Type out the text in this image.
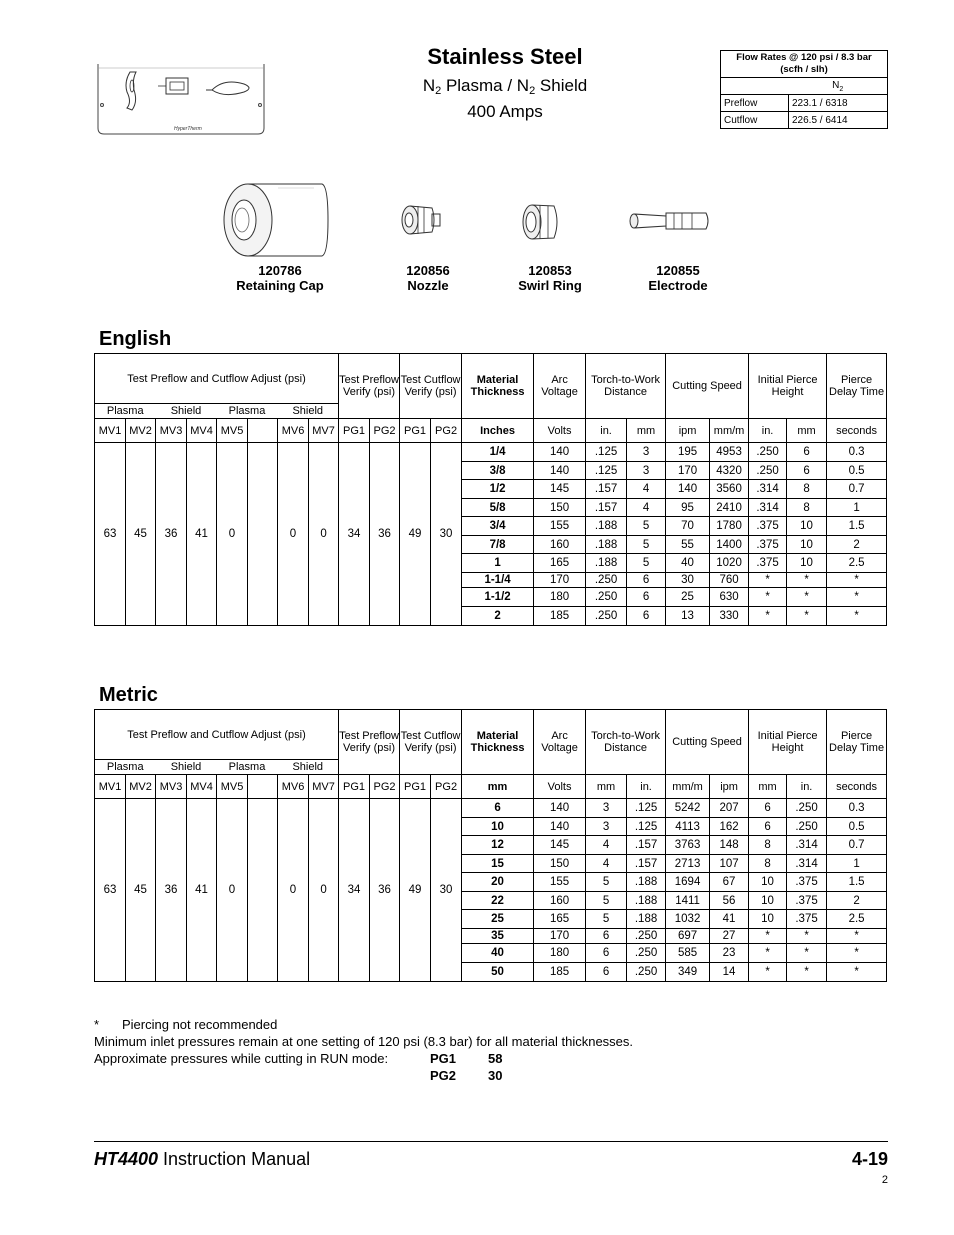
HyperTherm
Stainless Steel
$N_2$ Plasma / $N_2$ Shield
400 Amps
Flow Rates @ 120 psi / 8.3 bar (scfh / slh)	
	$N_2$
Preflow	223.1 / 6318
Cutflow	226.5 / 6414
120786
Retaining Cap
120856
Nozzle
120853
Swirl Ring
120855
Electrode
English
Test Preflow and Cutflow Adjust (psi)								Test Preflow Verify (psi)		Test Cutflow Verify (psi)		Material Thickness	Arc Voltage	Torch-to-Work Distance		Cutting Speed		Initial Pierce Height		Pierce Delay Time
Plasma		Shield		Plasma		Shield														
MV1	MV2	MV3	MV4	MV5		MV6	MV7	PG1	PG2	PG1	PG2	Inches	Volts	in.	mm	ipm	mm/m	in.	mm	seconds
63	45	36	41	0		0	0	34	36	49	30	1/4	140	.125	3	195	4953	.250	6	0.3
												3/8	140	.125	3	170	4320	.250	6	0.5
												1/2	145	.157	4	140	3560	.314	8	0.7
												5/8	150	.157	4	95	2410	.314	8	1
												3/4	155	.188	5	70	1780	.375	10	1.5
												7/8	160	.188	5	55	1400	.375	10	2
												1	165	.188	5	40	1020	.375	10	2.5
												1-1/4	170	.250	6	30	760	*	*	*
												1-1/2	180	.250	6	25	630	*	*	*
												2	185	.250	6	13	330	*	*	*
Metric
Test Preflow and Cutflow Adjust (psi)								Test Preflow Verify (psi)		Test Cutflow Verify (psi)		Material Thickness	Arc Voltage	Torch-to-Work Distance		Cutting Speed		Initial Pierce Height		Pierce Delay Time
Plasma		Shield		Plasma		Shield														
MV1	MV2	MV3	MV4	MV5		MV6	MV7	PG1	PG2	PG1	PG2	mm	Volts	mm	in.	mm/m	ipm	mm	in.	seconds
63	45	36	41	0		0	0	34	36	49	30	6	140	3	.125	5242	207	6	.250	0.3
												10	140	3	.125	4113	162	6	.250	0.5
												12	145	4	.157	3763	148	8	.314	0.7
												15	150	4	.157	2713	107	8	.314	1
												20	155	5	.188	1694	67	10	.375	1.5
												22	160	5	.188	1411	56	10	.375	2
												25	165	5	.188	1032	41	10	.375	2.5
												35	170	6	.250	697	27	*	*	*
												40	180	6	.250	585	23	*	*	*
												50	185	6	.250	349	14	*	*	*
*	Piercing not recommended
Minimum inlet pressures remain at one setting of 120 psi (8.3 bar) for all material thicknesses.
Approximate pressures while cutting in RUN mode:	PG1	58
PG2	30
HT4400 Instruction Manual	4-19
2
